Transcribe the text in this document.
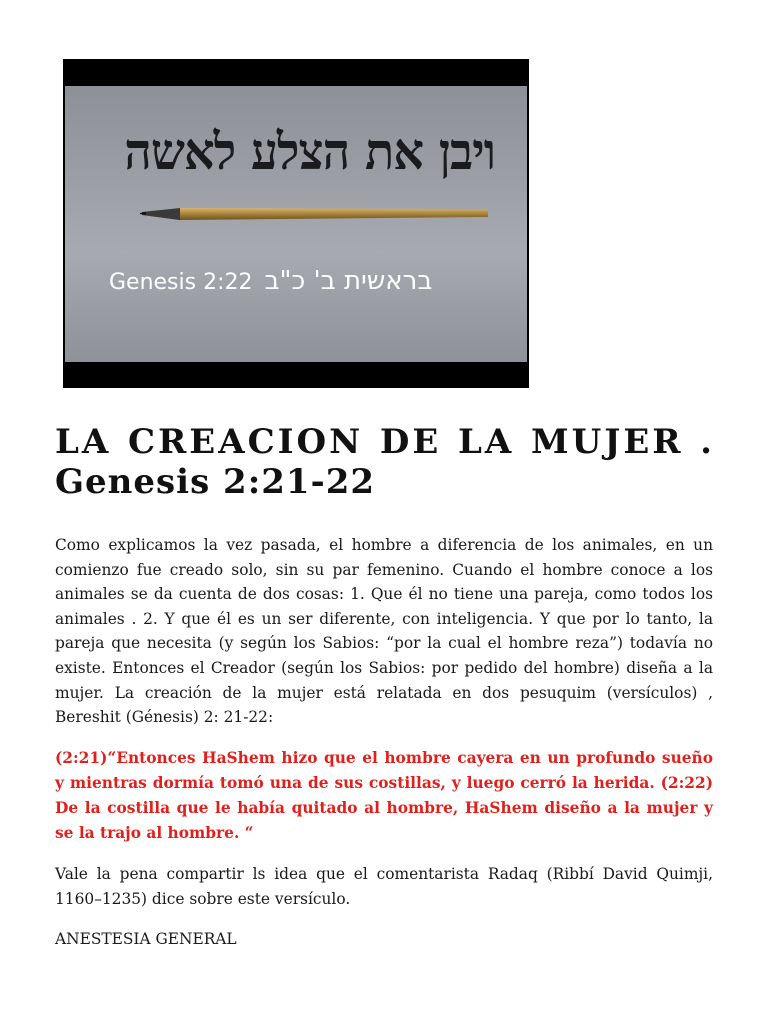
ויבן את הצלע לאשה
Genesis 2:22 בראשית ב' כ"ב
LA CREACION DE LA MUJER .
Genesis 2:21-22

Como explicamos la vez pasada, el hombre a diferencia de los animales, en un comienzo fue creado solo, sin su par femenino. Cuando el hombre conoce a los animales se da cuenta de dos cosas: 1. Que él no tiene una pareja, como todos los animales . 2. Y que él es un ser diferente, con inteligencia. Y que por lo tanto, la pareja que necesita (y según los Sabios: “por la cual el hombre reza”) todavía no existe. Entonces el Creador (según los Sabios: por pedido del hombre) diseña a la mujer. La creación de la mujer está relatada en dos pesuquim (versículos) , Bereshit (Génesis) 2: 21-22:

(2:21)“Entonces HaShem hizo que el hombre cayera en un profundo sueño y mientras dormía tomó una de sus costillas, y luego cerró la herida. (2:22) De la costilla que le había quitado al hombre, HaShem diseño a la mujer y se la trajo al hombre. “

Vale la pena compartir ls idea que el comentarista Radaq (Ribbí David Quimji, 1160–1235) dice sobre este versículo.

ANESTESIA GENERAL
